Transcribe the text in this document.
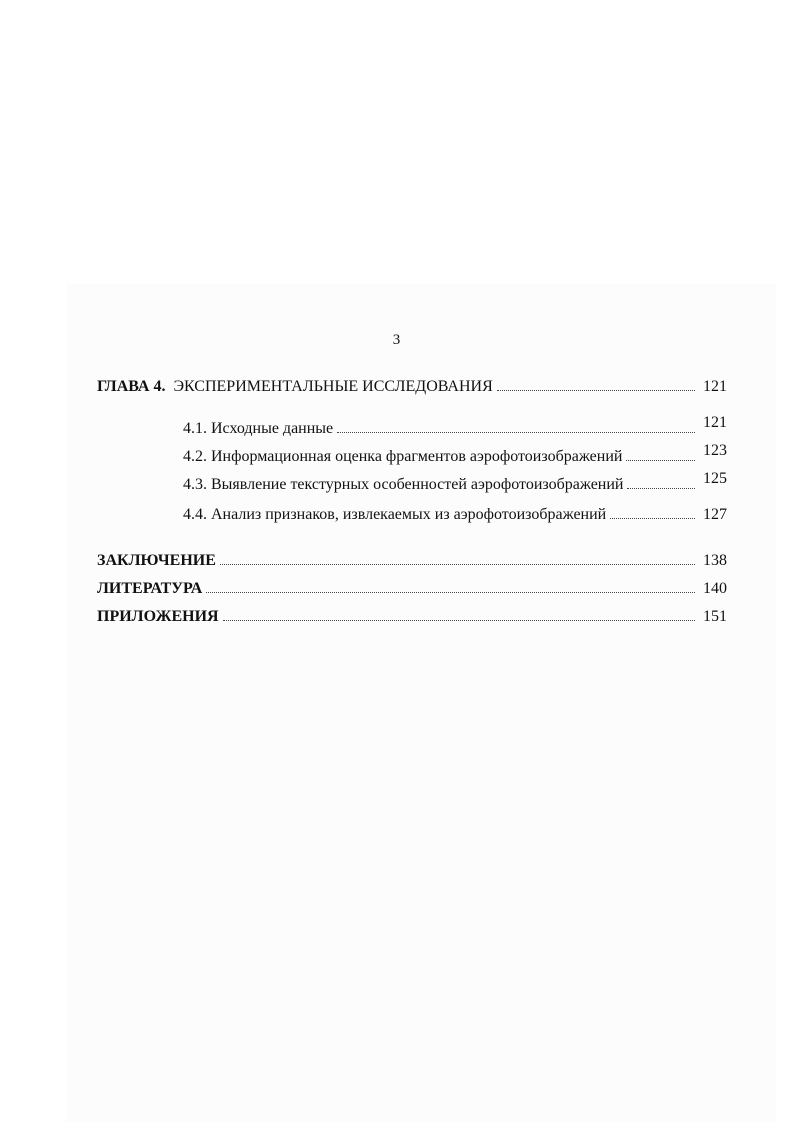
3
ГЛАВА 4. ЭКСПЕРИМЕНТАЛЬНЫЕ ИССЛЕДОВАНИЯ	121
4.1. Исходные данные	121
4.2. Информационная оценка фрагментов аэрофотоизображений	123
4.3. Выявление текстурных особенностей аэрофотоизображений	125
4.4. Анализ признаков, извлекаемых из аэрофотоизображений	127
ЗАКЛЮЧЕНИЕ	138
ЛИТЕРАТУРА	140
ПРИЛОЖЕНИЯ	151
